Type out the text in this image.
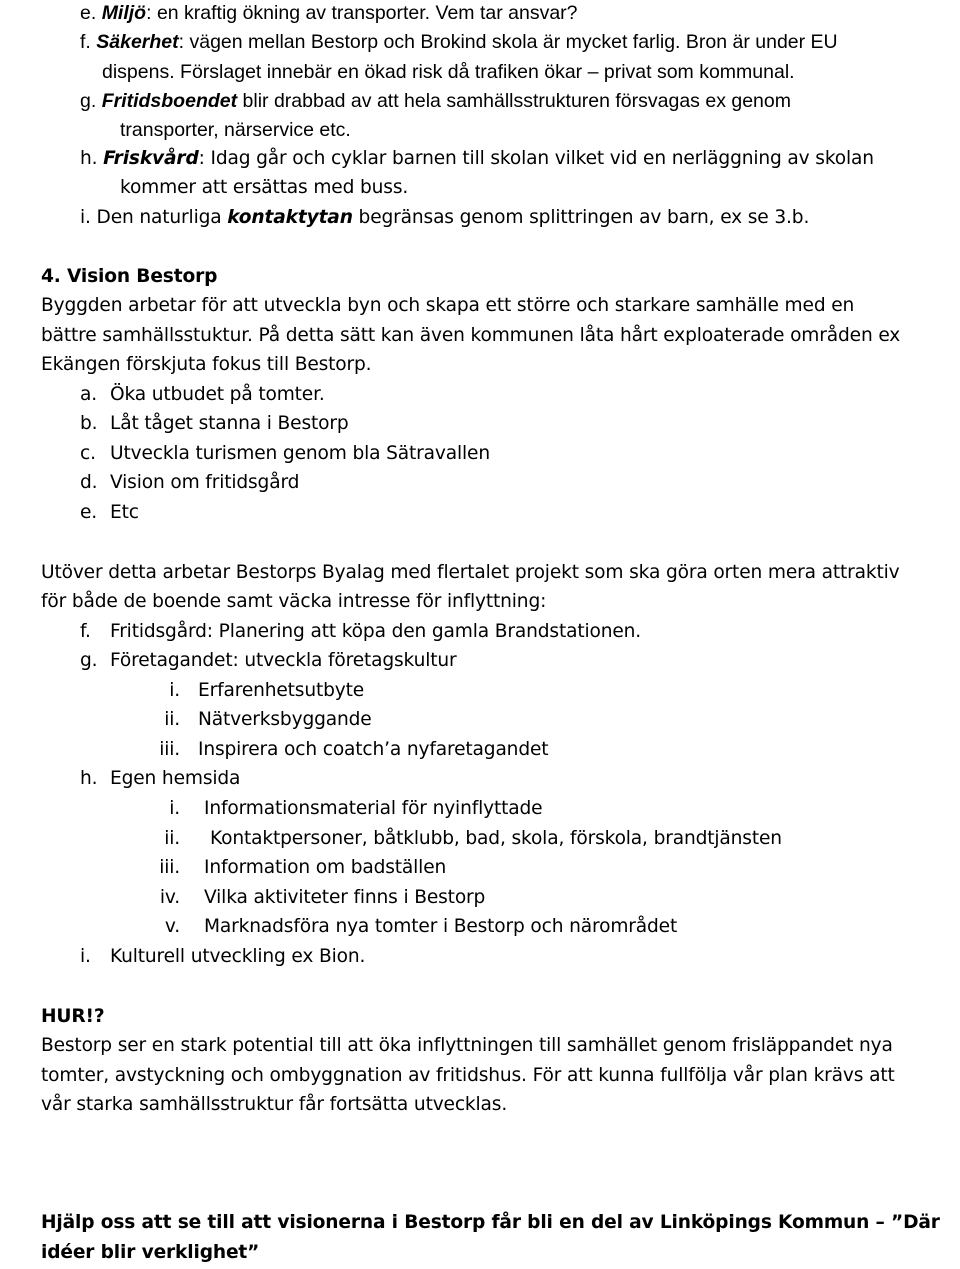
e. Miljö: en kraftig ökning av transporter. Vem tar ansvar?
f. Säkerhet: vägen mellan Bestorp och Brokind skola är mycket farlig. Bron är under EU
dispens. Förslaget innebär en ökad risk då trafiken ökar – privat som kommunal.
g. Fritidsboendet blir drabbad av att hela samhällsstrukturen försvagas ex genom
transporter, närservice etc.
h. Friskvård: Idag går och cyklar barnen till skolan vilket vid en nerläggning av skolan
kommer att ersättas med buss.
i. Den naturliga kontaktytan begränsas genom splittringen av barn, ex se 3.b.
4. Vision Bestorp
Byggden arbetar för att utveckla byn och skapa ett större och starkare samhälle med en
bättre samhällsstuktur. På detta sätt kan även kommunen låta hårt exploaterade områden ex
Ekängen förskjuta fokus till Bestorp.
a. Öka utbudet på tomter.
b. Låt tåget stanna i Bestorp
c. Utveckla turismen genom bla Sätravallen
d. Vision om fritidsgård
e. Etc
Utöver detta arbetar Bestorps Byalag med flertalet projekt som ska göra orten mera attraktiv
för både de boende samt väcka intresse för inflyttning:
f. Fritidsgård: Planering att köpa den gamla Brandstationen.
g. Företagandet: utveckla företagskultur
i. Erfarenhetsutbyte
ii. Nätverksbyggande
iii. Inspirera och coatch’a nyfaretagandet
h. Egen hemsida
i. Informationsmaterial för nyinflyttade
ii. Kontaktpersoner, båtklubb, bad, skola, förskola, brandtjänsten
iii. Information om badställen
iv. Vilka aktiviteter finns i Bestorp
v. Marknadsföra nya tomter i Bestorp och närområdet
i. Kulturell utveckling ex Bion.
HUR!?
Bestorp ser en stark potential till att öka inflyttningen till samhället genom frisläppandet nya
tomter, avstyckning och ombyggnation av fritidshus. För att kunna fullfölja vår plan krävs att
vår starka samhällsstruktur får fortsätta utvecklas.
Hjälp oss att se till att visionerna i Bestorp får bli en del av Linköpings Kommun – ”Där
idéer blir verklighet”
